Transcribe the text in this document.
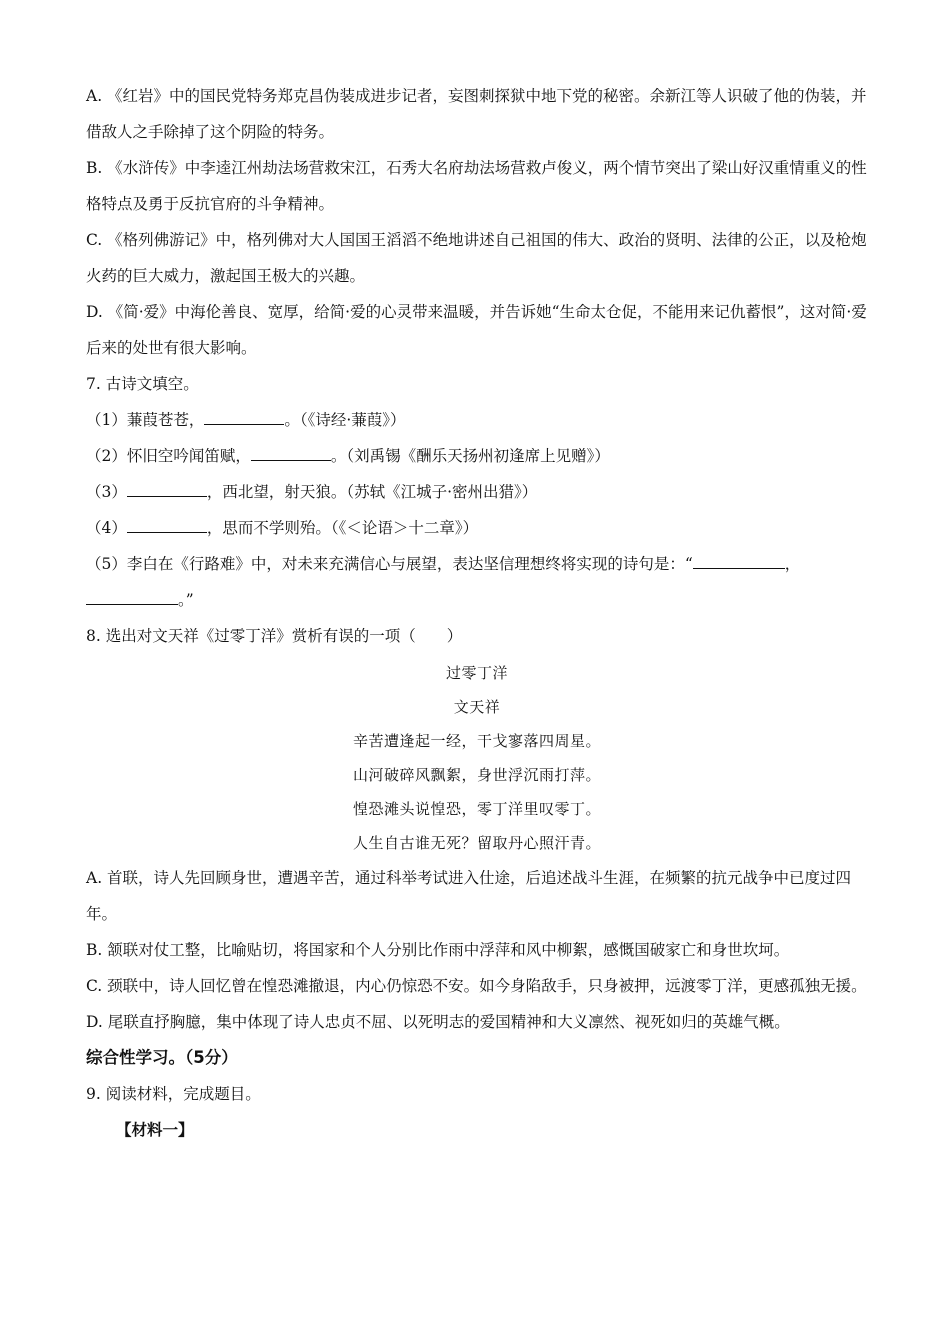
A. 《红岩》中的国民党特务郑克昌伪装成进步记者，妄图刺探狱中地下党的秘密。余新江等人识破了他的伪装，并借敌人之手除掉了这个阴险的特务。

B. 《水浒传》中李逵江州劫法场营救宋江，石秀大名府劫法场营救卢俊义，两个情节突出了梁山好汉重情重义的性格特点及勇于反抗官府的斗争精神。

C. 《格列佛游记》中，格列佛对大人国国王滔滔不绝地讲述自己祖国的伟大、政治的贤明、法律的公正，以及枪炮火药的巨大威力，激起国王极大的兴趣。

D. 《简·爱》中海伦善良、宽厚，给简·爱的心灵带来温暖，并告诉她“生命太仓促，不能用来记仇蓄恨”，这对简·爱后来的处世有很大影响。

7. 古诗文填空。

（1）蒹葭苍苍，	。（《诗经·蒹葭》）

（2）怀旧空吟闻笛赋，	。（刘禹锡《酬乐天扬州初逢席上见赠》）

（3）	，西北望，射天狼。（苏轼《江城子·密州出猎》）

（4）	，思而不学则殆。（《＜论语＞十二章》）

（5）李白在《行路难》中，对未来充满信心与展望，表达坚信理想终将实现的诗句是：“	，。”

8. 选出对文天祥《过零丁洋》赏析有误的一项（　　）

过零丁洋

文天祥

辛苦遭逢起一经，干戈寥落四周星。

山河破碎风飘絮，身世浮沉雨打萍。

惶恐滩头说惶恐，零丁洋里叹零丁。

人生自古谁无死？留取丹心照汗青。

A. 首联，诗人先回顾身世，遭遇辛苦，通过科举考试进入仕途，后追述战斗生涯，在频繁的抗元战争中已度过四年。

B. 颔联对仗工整，比喻贴切，将国家和个人分别比作雨中浮萍和风中柳絮，感慨国破家亡和身世坎坷。

C. 颈联中，诗人回忆曾在惶恐滩撤退，内心仍惊恐不安。如今身陷敌手，只身被押，远渡零丁洋，更感孤独无援。

D. 尾联直抒胸臆，集中体现了诗人忠贞不屈、以死明志的爱国精神和大义凛然、视死如归的英雄气概。

综合性学习。（5分）

9. 阅读材料，完成题目。

【材料一】
